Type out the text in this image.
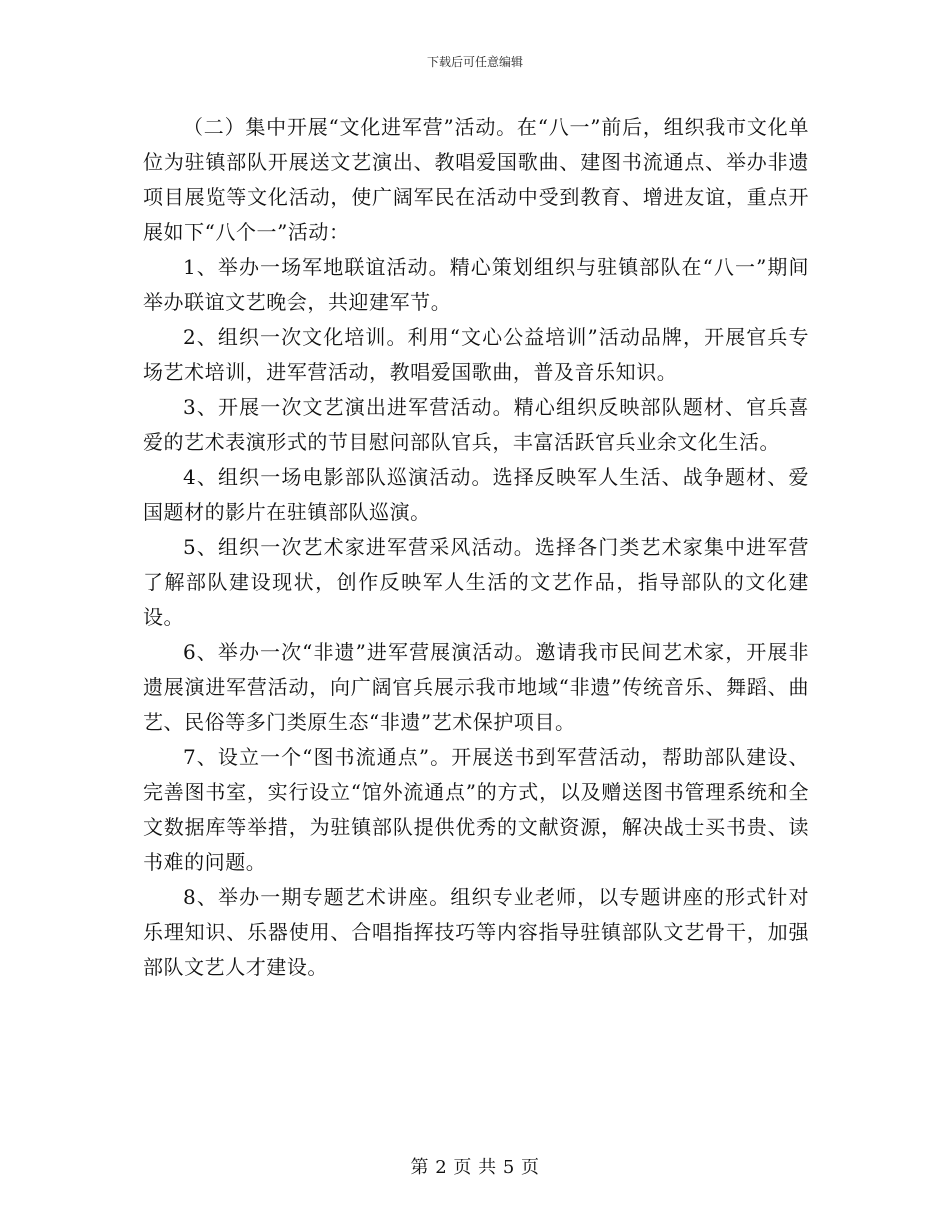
下载后可任意编辑

（二）集中开展“文化进军营”活动。在“八一”前后，组织我市文化单位为驻镇部队开展送文艺演出、教唱爱国歌曲、建图书流通点、举办非遗项目展览等文化活动，使广阔军民在活动中受到教育、增进友谊，重点开展如下“八个一”活动：

1、举办一场军地联谊活动。精心策划组织与驻镇部队在“八一”期间举办联谊文艺晚会，共迎建军节。

2、组织一次文化培训。利用“文心公益培训”活动品牌，开展官兵专场艺术培训，进军营活动，教唱爱国歌曲，普及音乐知识。

3、开展一次文艺演出进军营活动。精心组织反映部队题材、官兵喜爱的艺术表演形式的节目慰问部队官兵，丰富活跃官兵业余文化生活。

4、组织一场电影部队巡演活动。选择反映军人生活、战争题材、爱国题材的影片在驻镇部队巡演。

5、组织一次艺术家进军营采风活动。选择各门类艺术家集中进军营了解部队建设现状，创作反映军人生活的文艺作品，指导部队的文化建设。

6、举办一次“非遗”进军营展演活动。邀请我市民间艺术家，开展非遗展演进军营活动，向广阔官兵展示我市地域“非遗”传统音乐、舞蹈、曲艺、民俗等多门类原生态“非遗”艺术保护项目。

7、设立一个“图书流通点”。开展送书到军营活动，帮助部队建设、完善图书室，实行设立“馆外流通点”的方式，以及赠送图书管理系统和全文数据库等举措，为驻镇部队提供优秀的文献资源，解决战士买书贵、读书难的问题。

8、举办一期专题艺术讲座。组织专业老师，以专题讲座的形式针对乐理知识、乐器使用、合唱指挥技巧等内容指导驻镇部队文艺骨干，加强部队文艺人才建设。

第 2 页 共 5 页
